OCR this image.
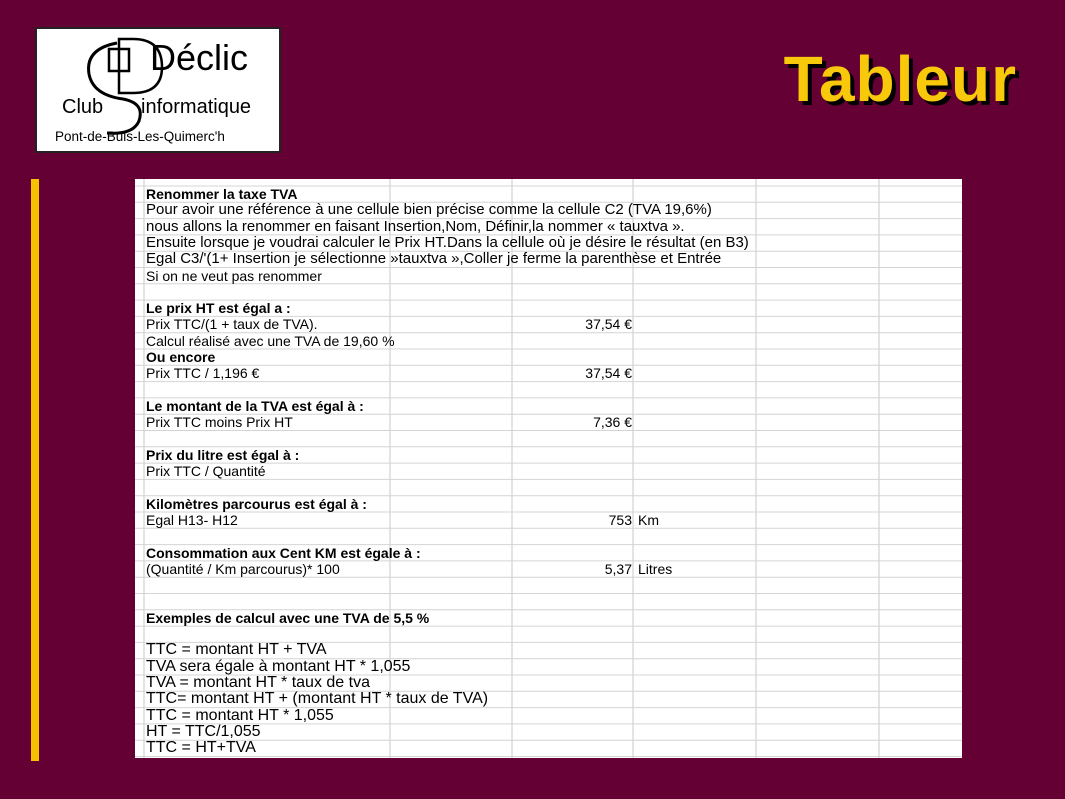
Déclic
Club informatique
Pont-de-Buis-Les-Quimerc'h
Tableur
Renommer la taxe TVA
Pour avoir une référence à une cellule bien précise comme la cellule C2 (TVA 19,6%)
nous allons la renommer en faisant Insertion,Nom, Définir,la nommer « tauxtva ».
Ensuite lorsque je voudrai calculer le Prix HT.Dans la cellule où je désire le résultat (en B3)
Egal C3/'(1+ Insertion je sélectionne »tauxtva »,Coller je ferme la parenthèse et Entrée
Si on ne veut pas renommer
Le prix HT est égal a :
Prix TTC/(1 + taux de TVA).	37,54 €
Calcul réalisé avec une TVA de 19,60 %
Ou encore
Prix TTC / 1,196 €	37,54 €
Le montant de la TVA est égal à :
Prix TTC moins Prix HT	7,36 €
Prix du litre est égal à :
Prix TTC / Quantité
Kilomètres parcourus est égal à :
Egal H13- H12	753 Km
Consommation aux Cent KM est égale à :
(Quantité / Km parcourus)* 100	5,37 Litres
Exemples de calcul avec une TVA de 5,5 %
TTC = montant HT + TVA
TVA sera égale à montant HT * 1,055
TVA = montant HT * taux de tva
TTC= montant HT + (montant HT * taux de TVA)
TTC = montant HT * 1,055
HT = TTC/1,055
TTC = HT+TVA
